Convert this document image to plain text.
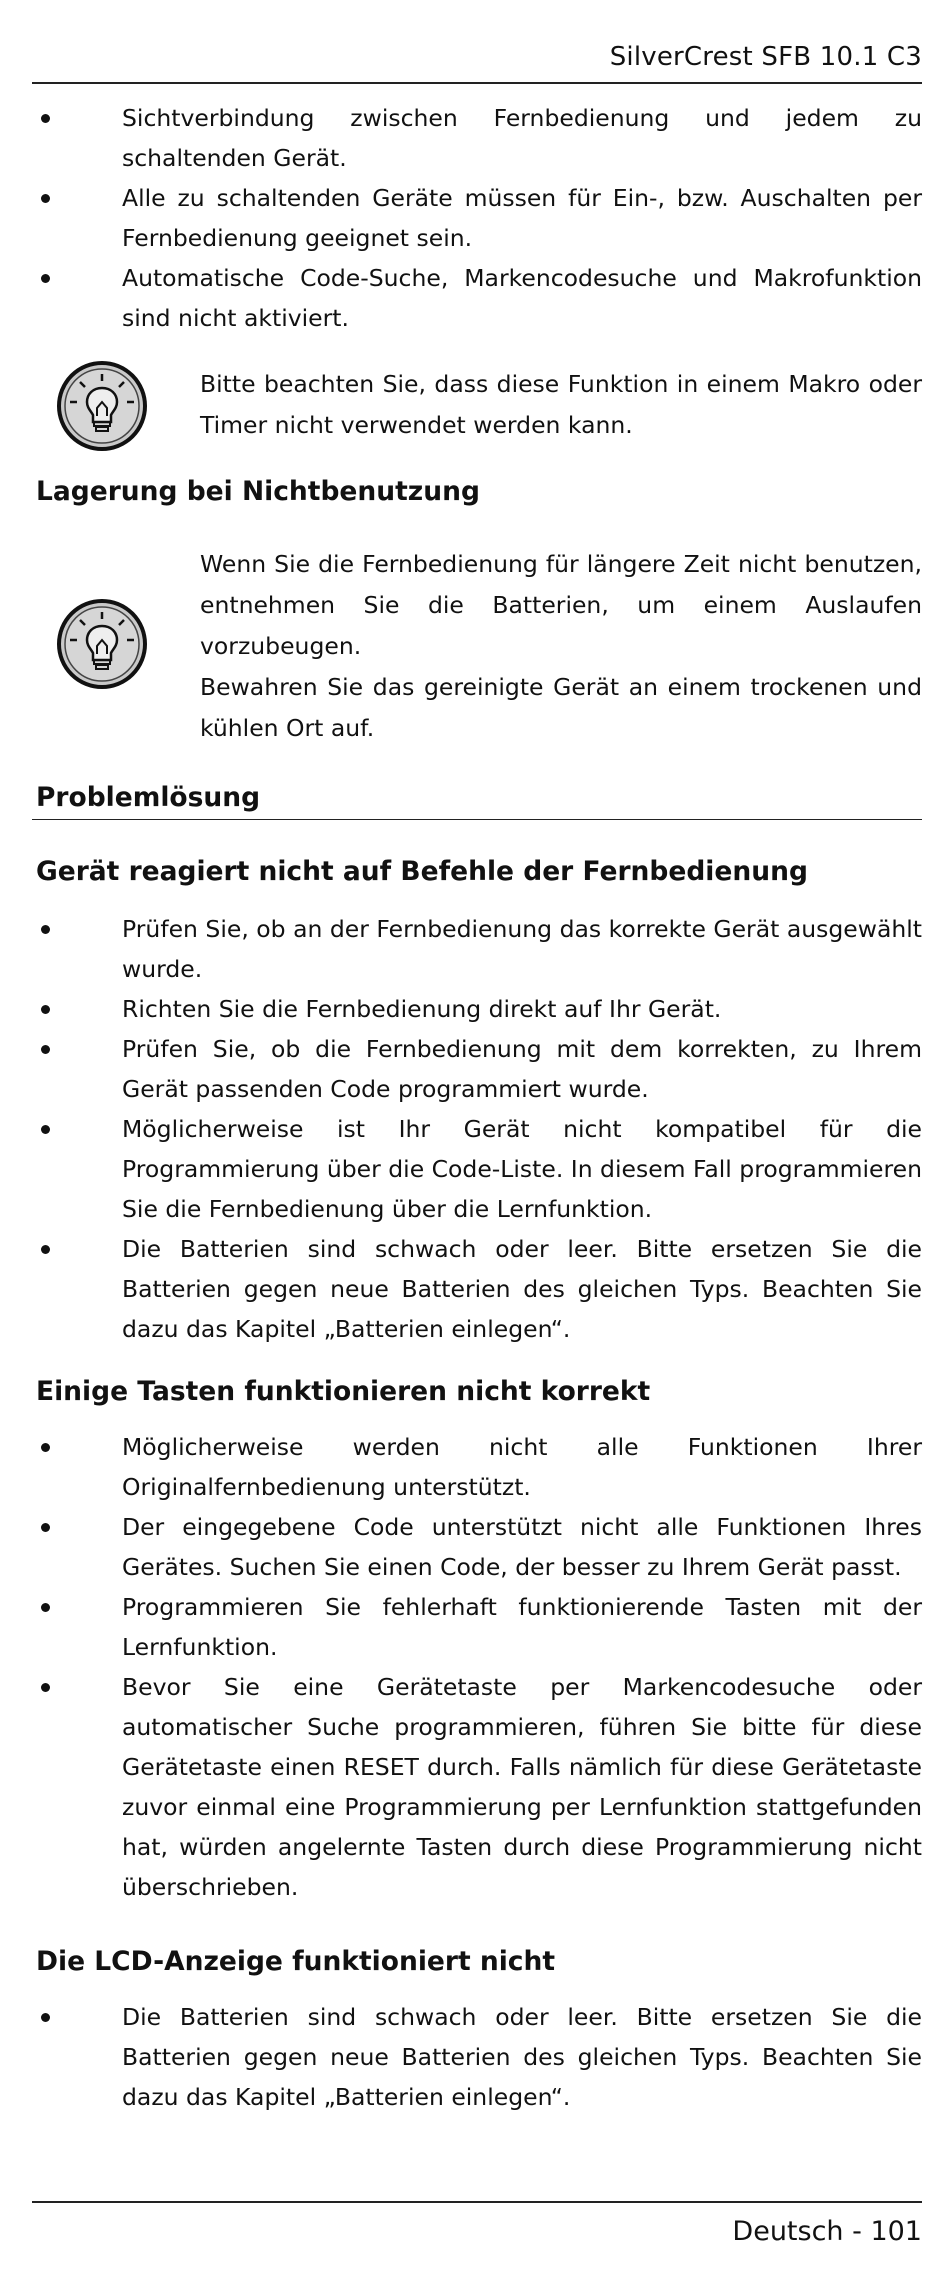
SilverCrest SFB 10.1 C3
Sichtverbindung zwischen Fernbedienung und jedem zu schaltenden Gerät.
Alle zu schaltenden Geräte müssen für Ein-, bzw. Auschalten per Fernbedienung geeignet sein.
Automatische Code-Suche, Markencodesuche und Makrofunktion sind nicht aktiviert.
Bitte beachten Sie, dass diese Funktion in einem Makro oder Timer nicht verwendet werden kann.
Lagerung bei Nichtbenutzung
Wenn Sie die Fernbedienung für längere Zeit nicht benutzen, entnehmen Sie die Batterien, um einem Auslaufen vorzubeugen.
Bewahren Sie das gereinigte Gerät an einem trockenen und kühlen Ort auf.
Problemlösung
Gerät reagiert nicht auf Befehle der Fernbedienung
Prüfen Sie, ob an der Fernbedienung das korrekte Gerät ausgewählt wurde.
Richten Sie die Fernbedienung direkt auf Ihr Gerät.
Prüfen Sie, ob die Fernbedienung mit dem korrekten, zu Ihrem Gerät passenden Code programmiert wurde.
Möglicherweise ist Ihr Gerät nicht kompatibel für die Programmierung über die Code-Liste. In diesem Fall programmieren Sie die Fernbedienung über die Lernfunktion.
Die Batterien sind schwach oder leer. Bitte ersetzen Sie die Batterien gegen neue Batterien des gleichen Typs. Beachten Sie dazu das Kapitel „Batterien einlegen“.
Einige Tasten funktionieren nicht korrekt
Möglicherweise werden nicht alle Funktionen Ihrer Originalfernbedienung unterstützt.
Der eingegebene Code unterstützt nicht alle Funktionen Ihres Gerätes. Suchen Sie einen Code, der besser zu Ihrem Gerät passt.
Programmieren Sie fehlerhaft funktionierende Tasten mit der Lernfunktion.
Bevor Sie eine Gerätetaste per Markencodesuche oder automatischer Suche programmieren, führen Sie bitte für diese Gerätetaste einen RESET durch. Falls nämlich für diese Gerätetaste zuvor einmal eine Programmierung per Lernfunktion stattgefunden hat, würden angelernte Tasten durch diese Programmierung nicht überschrieben.
Die LCD-Anzeige funktioniert nicht
Die Batterien sind schwach oder leer. Bitte ersetzen Sie die Batterien gegen neue Batterien des gleichen Typs. Beachten Sie dazu das Kapitel „Batterien einlegen“.
Deutsch - 101
